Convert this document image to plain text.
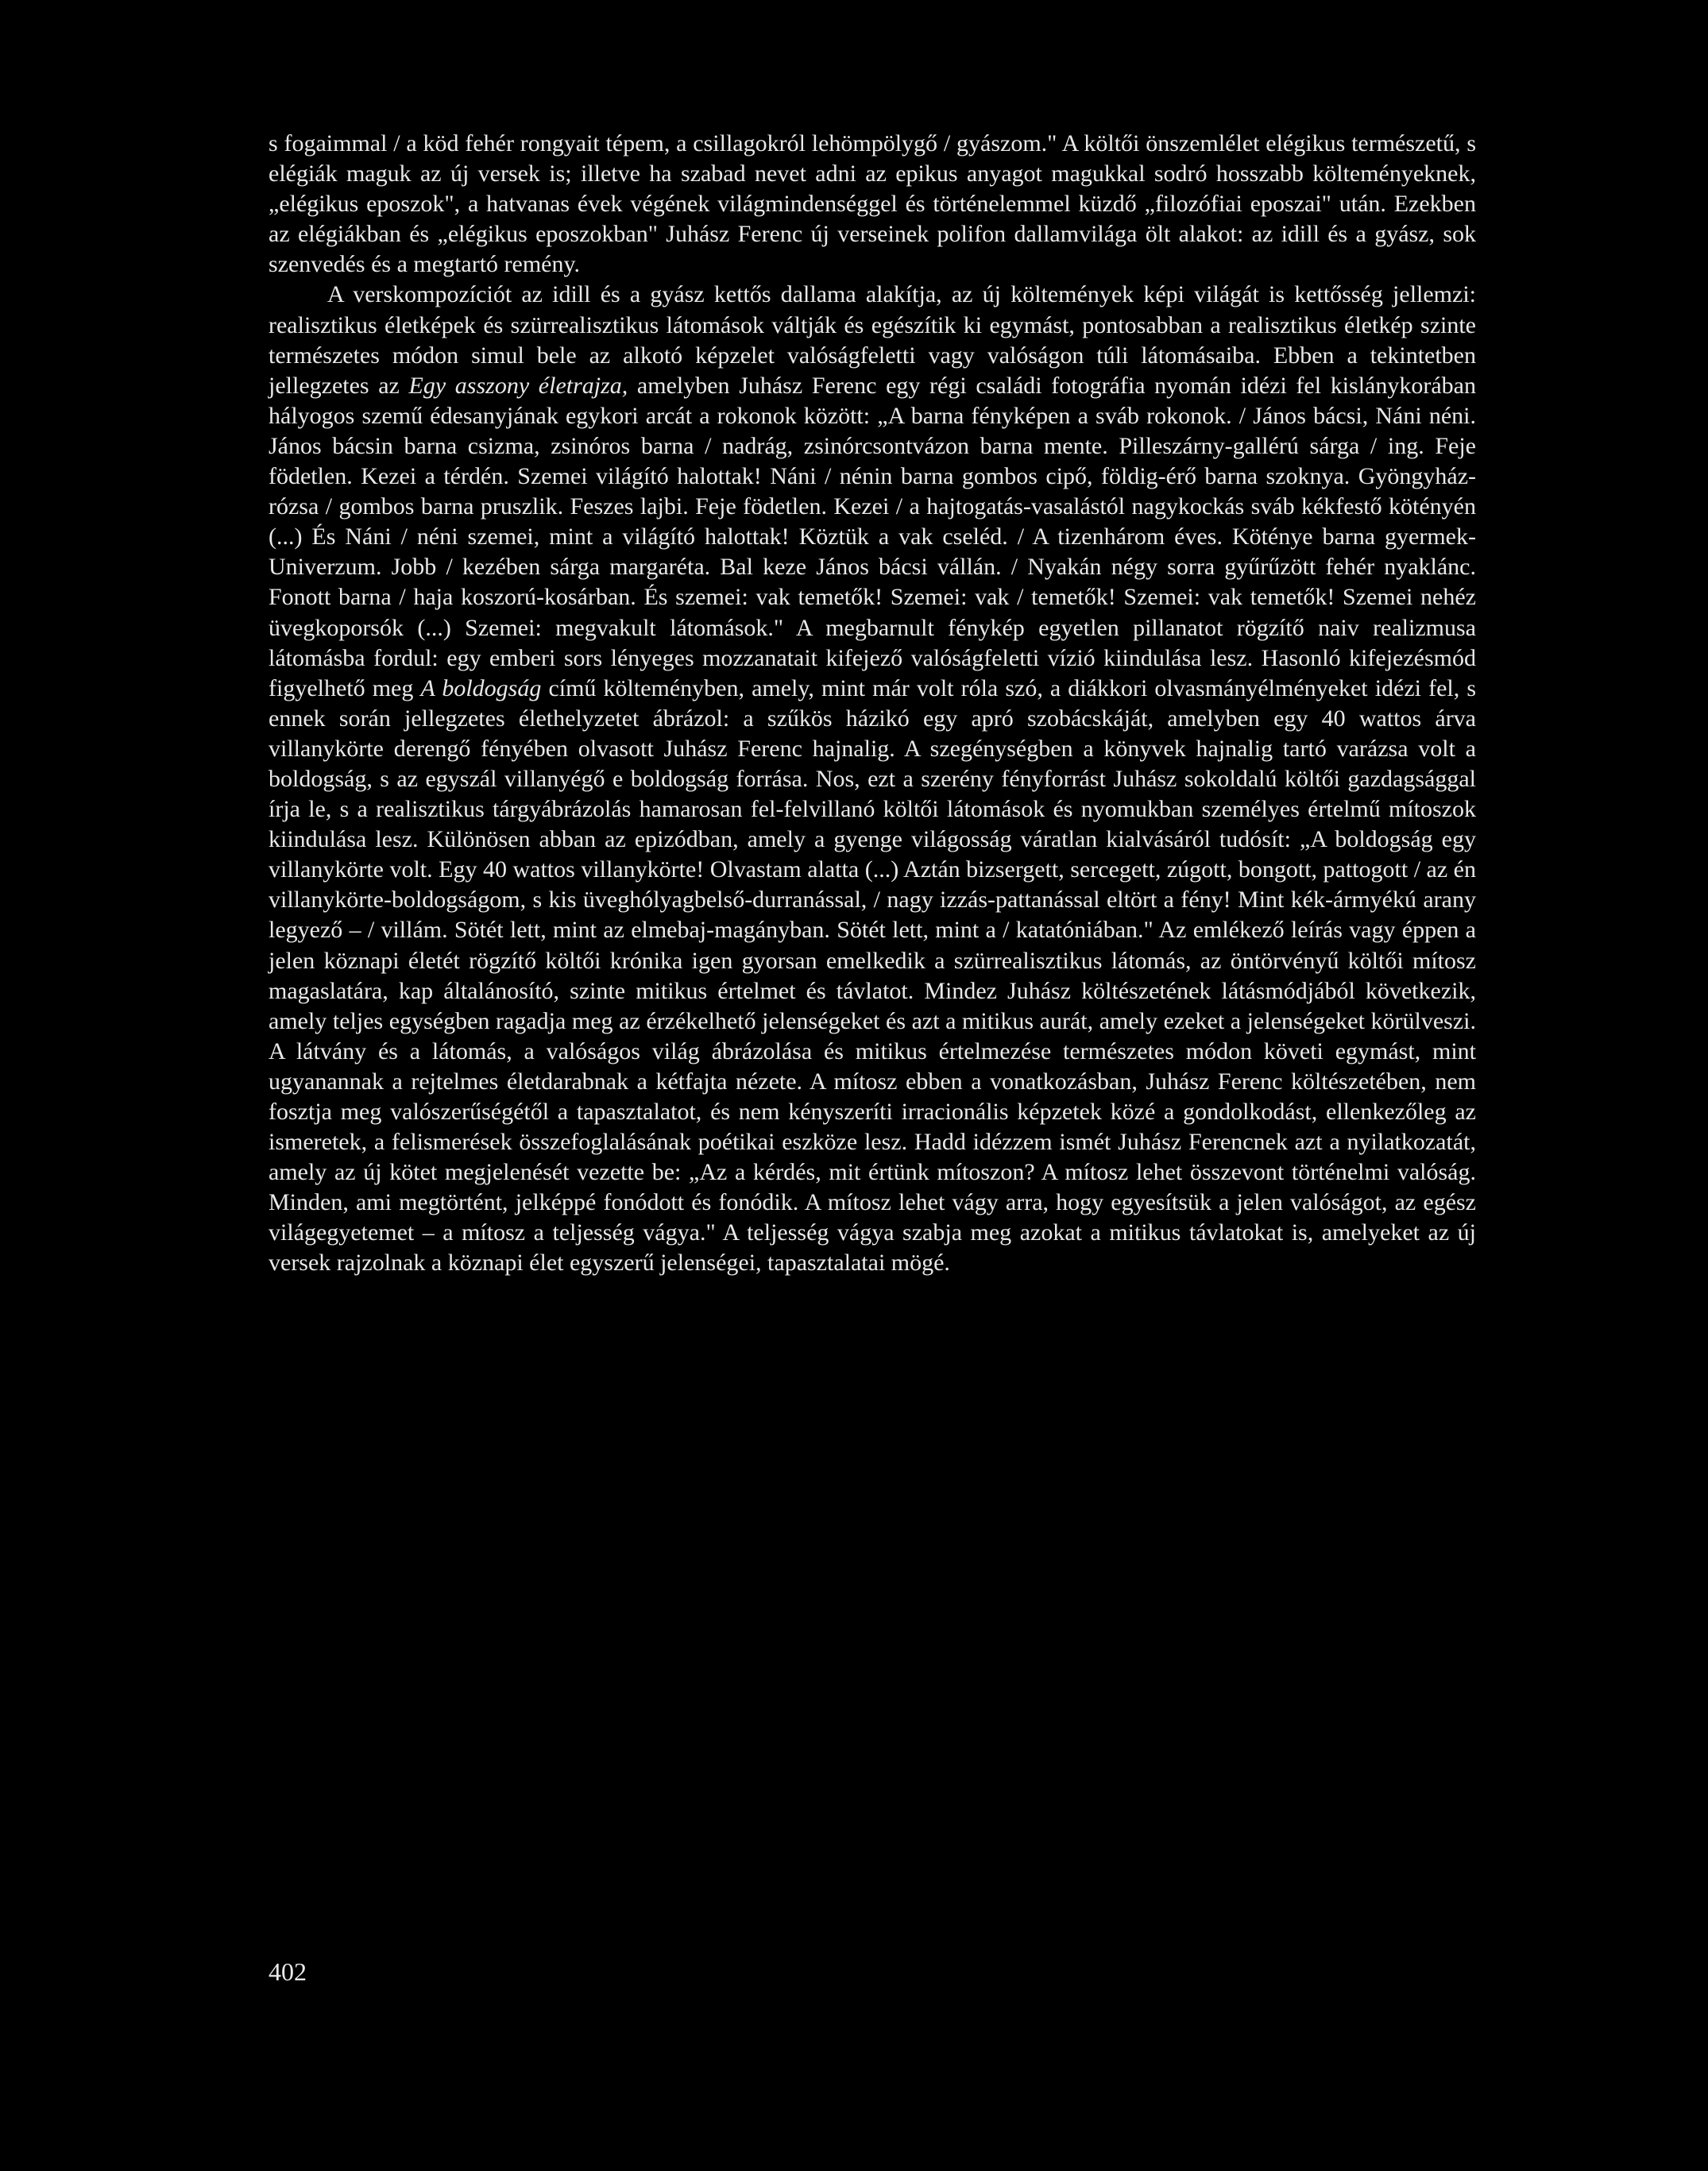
s fogaimmal / a köd fehér rongyait tépem, a csillagokról lehömpölygő / gyászom." A költői önszemlélet elégikus természetű, s elégiák maguk az új versek is; illetve ha szabad nevet adni az epikus anyagot magukkal sodró hosszabb költeményeknek, „elégikus eposzok", a hatvanas évek végének világmindenséggel és történelemmel küzdő „filozófiai eposzai" után. Ezekben az elégiákban és „elégikus eposzokban" Juhász Ferenc új verseinek polifon dallamvilága ölt alakot: az idill és a gyász, sok szenvedés és a megtartó remény.

A verskompozíciót az idill és a gyász kettős dallama alakítja, az új költemények képi világát is kettősség jellemzi: realisztikus életképek és szürrealisztikus látomások váltják és egészítik ki egymást, pontosabban a realisztikus életkép szinte természetes módon simul bele az alkotó képzelet valóságfeletti vagy valóságon túli látomásaiba. Ebben a tekintetben jellegzetes az Egy asszony életrajza, amelyben Juhász Ferenc egy régi családi fotográfia nyomán idézi fel kislánykorában hályogos szemű édesanyjának egykori arcát a rokonok között: „A barna fényképen a sváb rokonok. / János bácsi, Náni néni. János bácsin barna csizma, zsinóros barna / nadrág, zsinórcsontvázon barna mente. Pilleszárny-gallérú sárga / ing. Feje födetlen. Kezei a térdén. Szemei világító halottak! Náni / nénin barna gombos cipő, földig-érő barna szoknya. Gyöngyház-rózsa / gombos barna pruszlik. Feszes lajbi. Feje födetlen. Kezei / a hajtogatás-vasalástól nagykockás sváb kékfestő kötényén (...) És Náni / néni szemei, mint a világító halottak! Köztük a vak cseléd. / A tizenhárom éves. Kötényе barna gyermek-Univerzum. Jobb / kezében sárga margaréta. Bal keze János bácsi vállán. / Nyakán négy sorra gyűrűzött fehér nyaklánc. Fonott barna / haja koszorú-kosárban. És szemei: vak temetők! Szemei: vak / temetők! Szemei: vak temetők! Szemei nehéz üvegkoporsók (...) Szemei: megvakult látomások." A megbarnult fénykép egyetlen pillanatot rögzítő naiv realizmusa látomásba fordul: egy emberi sors lényeges mozzanatait kifejező valóságfeletti vízió kiindulása lesz. Hasonló kifejezésmód figyelhető meg A boldogság című költeményben, amely, mint már volt róla szó, a diákkori olvasmányélményeket idézi fel, s ennek során jellegzetes élethelyzetet ábrázol: a szűkös házikó egy apró szobácskáját, amelyben egy 40 wattos árva villanykörte derengő fényében olvasott Juhász Ferenc hajnalig. A szegénységben a könyvek hajnalig tartó varázsa volt a boldogság, s az egyszál villanyégő e boldogság forrása. Nos, ezt a szerény fényforrást Juhász sokoldalú költői gazdagsággal írja le, s a realisztikus tárgyábrázolás hamarosan fel-felvillanó költői látomások és nyomukban személyes értelmű mítoszok kiindulása lesz. Különösen abban az epizódban, amely a gyenge világosság váratlan kialvásáról tudósít: „A boldogság egy villanykörte volt. Egy 40 wattos villanykörte! Olvastam alatta (...) Aztán bizsergett, sercegett, zúgott, bongott, pattogott / az én villanykörte-boldogságom, s kis üveghólyagbelső-durranással, / nagy izzás-pattanással eltört a fény! Mint kék-ármyékú arany legyező – / villám. Sötét lett, mint az elmebaj-magányban. Sötét lett, mint a / katatóniában." Az emlékező leírás vagy éppen a jelen köznapi életét rögzítő költői krónika igen gyorsan emelkedik a szürrealisztikus látomás, az öntörvényű költői mítosz magaslatára, kap általánosító, szinte mitikus értelmet és távlatot. Mindez Juhász költészetének látásmódjából következik, amely teljes egységben ragadja meg az érzékelhető jelenségeket és azt a mitikus aurát, amely ezeket a jelenségeket körülveszi. A látvány és a látomás, a valóságos világ ábrázolása és mitikus értelmezése természetes módon követi egymást, mint ugyanannak a rejtelmes életdarabnak a kétfajta nézete. A mítosz ebben a vonatkozásban, Juhász Ferenc költészetében, nem fosztja meg valószerűségétől a tapasztalatot, és nem kényszeríti irracionális képzetek közé a gondolkodást, ellenkezőleg az ismeretek, a felismerések összefoglalásának poétikai eszköze lesz. Hadd idézzem ismét Juhász Ferencnek azt a nyilatkozatát, amely az új kötet megjelenését vezette be: „Az a kérdés, mit értünk mítoszon? A mítosz lehet összevont történelmi valóság. Minden, ami megtörtént, jelképpé fonódott és fonódik. A mítosz lehet vágy arra, hogy egyesítsük a jelen valóságot, az egész világegyetemet – a mítosz a teljesség vágya." A teljesség vágya szabja meg azokat a mitikus távlatokat is, amelyeket az új versek rajzolnak a köznapi élet egyszerű jelenségei, tapasztalatai mögé.

402
